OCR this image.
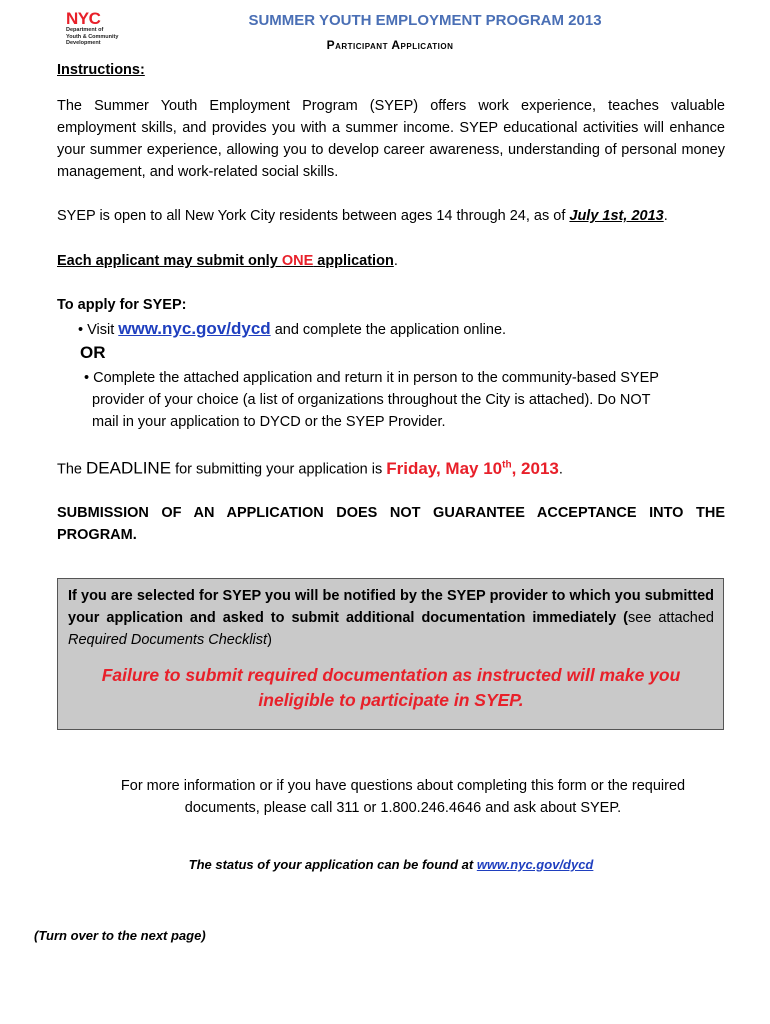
NYC
Department of
Youth & Community
Development
SUMMER YOUTH EMPLOYMENT PROGRAM 2013
Participant Application
Instructions:
The Summer Youth Employment Program (SYEP) offers work experience, teaches valuable employment skills, and provides you with a summer income. SYEP educational activities will enhance your summer experience, allowing you to develop career awareness, understanding of personal money management, and work-related social skills.
SYEP is open to all New York City residents between ages 14 through 24, as of July 1st, 2013.
Each applicant may submit only ONE application.
To apply for SYEP:
• Visit www.nyc.gov/dycd and complete the application online.
OR
• Complete the attached application and return it in person to the community-based SYEP
provider of your choice (a list of organizations throughout the City is attached). Do NOT
mail in your application to DYCD or the SYEP Provider.
The DEADLINE for submitting your application is Friday, May 10th, 2013.
SUBMISSION OF AN APPLICATION DOES NOT GUARANTEE ACCEPTANCE INTO THE PROGRAM.
If you are selected for SYEP you will be notified by the SYEP provider to which you submitted your application and asked to submit additional documentation immediately (see attached Required Documents Checklist)
Failure to submit required documentation as instructed will make you ineligible to participate in SYEP.
For more information or if you have questions about completing this form or the required
documents, please call 311 or 1.800.246.4646 and ask about SYEP.
The status of your application can be found at www.nyc.gov/dycd
(Turn over to the next page)
